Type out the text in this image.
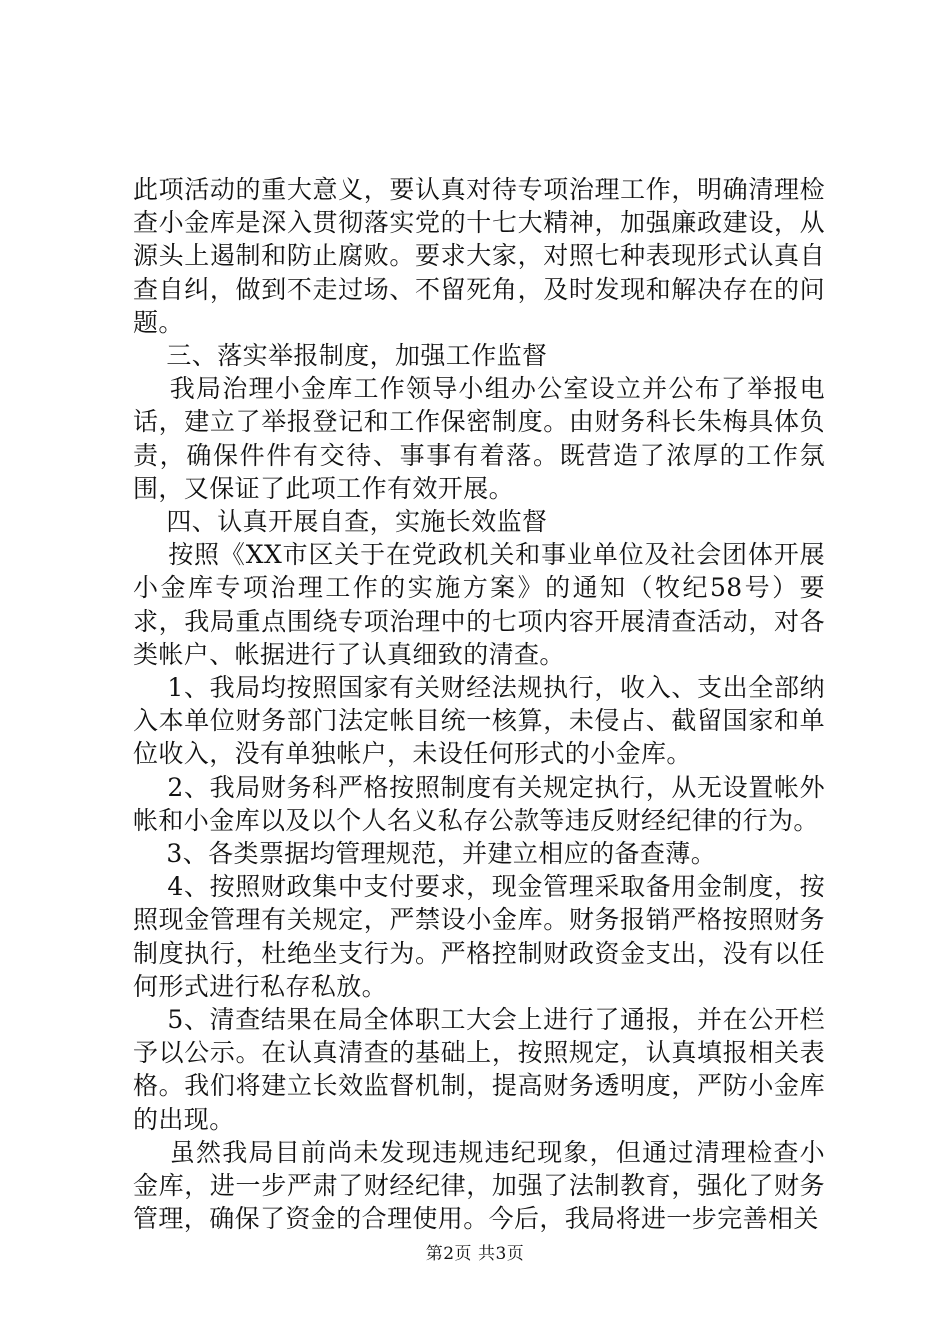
此项活动的重大意义，要认真对待专项治理工作，明确清理检查小金库是深入贯彻落实党的十七大精神，加强廉政建设，从源头上遏制和防止腐败。要求大家，对照七种表现形式认真自查自纠，做到不走过场、不留死角，及时发现和解决存在的问题。

三、落实举报制度，加强工作监督

我局治理小金库工作领导小组办公室设立并公布了举报电话，建立了举报登记和工作保密制度。由财务科长朱梅具体负责，确保件件有交待、事事有着落。既营造了浓厚的工作氛围，又保证了此项工作有效开展。

四、认真开展自查，实施长效监督

按照《XX市区关于在党政机关和事业单位及社会团体开展小金库专项治理工作的实施方案》的通知（牧纪58号）要求，我局重点围绕专项治理中的七项内容开展清查活动，对各类帐户、帐据进行了认真细致的清查。

1、我局均按照国家有关财经法规执行，收入、支出全部纳入本单位财务部门法定帐目统一核算，未侵占、截留国家和单位收入，没有单独帐户，未设任何形式的小金库。

2、我局财务科严格按照制度有关规定执行，从无设置帐外帐和小金库以及以个人名义私存公款等违反财经纪律的行为。

3、各类票据均管理规范，并建立相应的备查薄。

4、按照财政集中支付要求，现金管理采取备用金制度，按照现金管理有关规定，严禁设小金库。财务报销严格按照财务制度执行，杜绝坐支行为。严格控制财政资金支出，没有以任何形式进行私存私放。

5、清查结果在局全体职工大会上进行了通报，并在公开栏予以公示。在认真清查的基础上，按照规定，认真填报相关表格。我们将建立长效监督机制，提高财务透明度，严防小金库的出现。

虽然我局目前尚未发现违规违纪现象，但通过清理检查小金库，进一步严肃了财经纪律，加强了法制教育，强化了财务管理，确保了资金的合理使用。今后，我局将进一步完善相关

第2页 共3页
